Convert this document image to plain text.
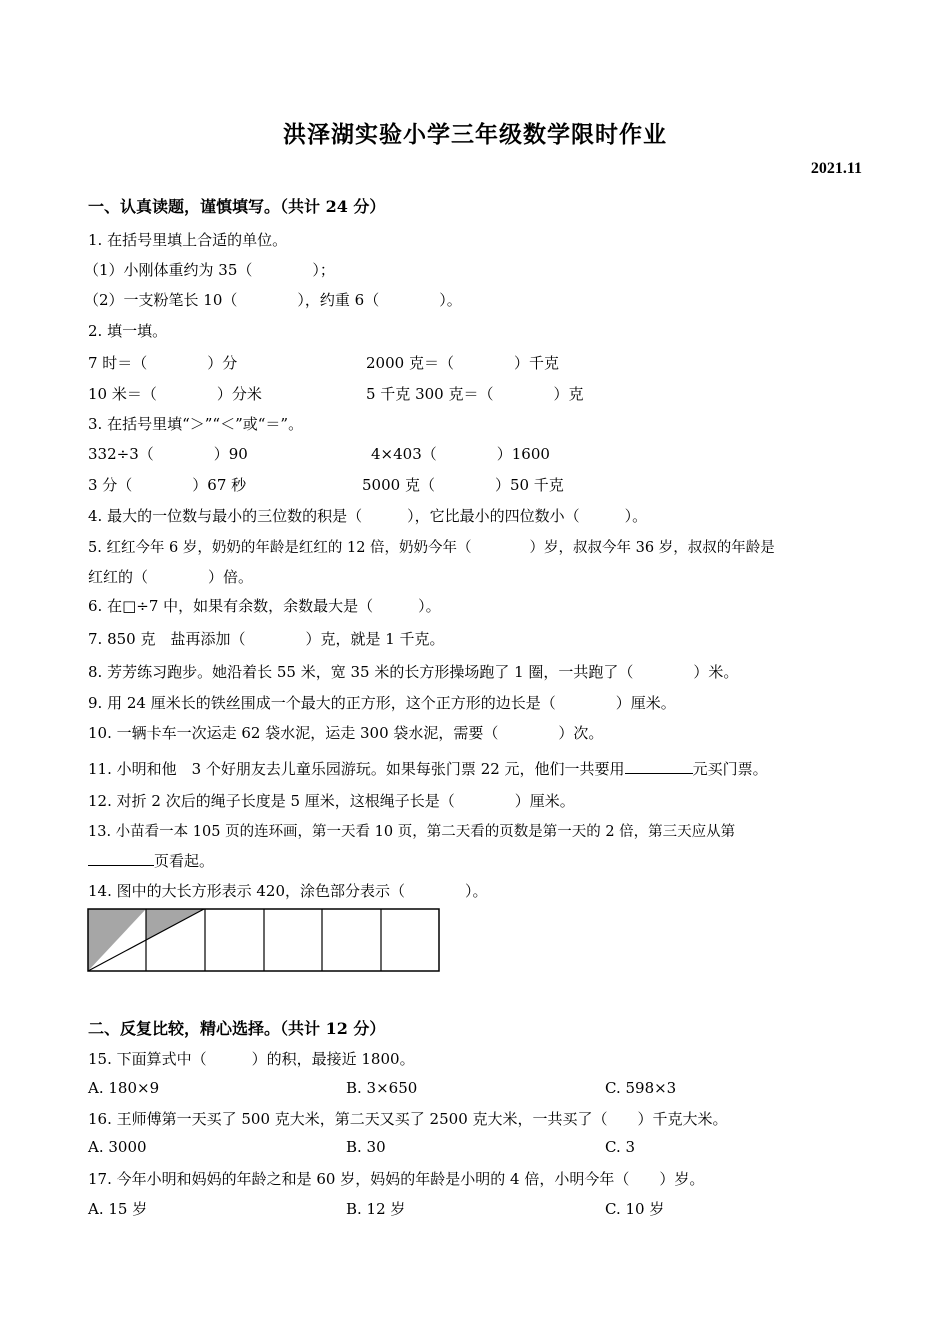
洪泽湖实验小学三年级数学限时作业
2021.11
一、认真读题，谨慎填写。（共计 24 分）
1. 在括号里填上合适的单位。
（1）小刚体重约为 35（　　　　）；
（2）一支粉笔长 10（　　　　），约重 6（　　　　）。
2. 填一填。
7 时＝（　　　　）分	2000 克＝（　　　　）千克
10 米＝（　　　　）分米	5 千克 300 克＝（　　　　）克
3. 在括号里填“＞”“＜”或“＝”。
332÷3（　　　　）90	4×403（　　　　）1600
3 分（　　　　）67 秒	5000 克（　　　　）50 千克
4. 最大的一位数与最小的三位数的积是（　　　），它比最小的四位数小（　　　）。
5. 红红今年 6 岁，奶奶的年龄是红红的 12 倍，奶奶今年（　　　　）岁，叔叔今年 36 岁，叔叔的年龄是
红红的（　　　　）倍。
6. 在□÷7 中，如果有余数，余数最大是（　　　）。
7. 850 克　盐再添加（　　　　）克，就是 1 千克。
8. 芳芳练习跑步。她沿着长 55 米，宽 35 米的长方形操场跑了 1 圈，一共跑了（　　　　）米。
9. 用 24 厘米长的铁丝围成一个最大的正方形，这个正方形的边长是（　　　　）厘米。
10. 一辆卡车一次运走 62 袋水泥，运走 300 袋水泥，需要（　　　　）次。
11. 小明和他　3 个好朋友去儿童乐园游玩。如果每张门票 22 元，他们一共要用	元买门票。
12. 对折 2 次后的绳子长度是 5 厘米，这根绳子长是（　　　　）厘米。
13. 小苗看一本 105 页的连环画，第一天看 10 页，第二天看的页数是第一天的 2 倍，第三天应从第
页看起。
14. 图中的大长方形表示 420，涂色部分表示（　　　　）。
二、反复比较，精心选择。（共计 12 分）
15. 下面算式中（　　　）的积，最接近 1800。
A. 180×9	B. 3×650	C. 598×3
16. 王师傅第一天买了 500 克大米，第二天又买了 2500 克大米，一共买了（　　）千克大米。
A. 3000	B. 30	C. 3
17. 今年小明和妈妈的年龄之和是 60 岁，妈妈的年龄是小明的 4 倍，小明今年（　　）岁。
A. 15 岁	B. 12 岁	C. 10 岁
